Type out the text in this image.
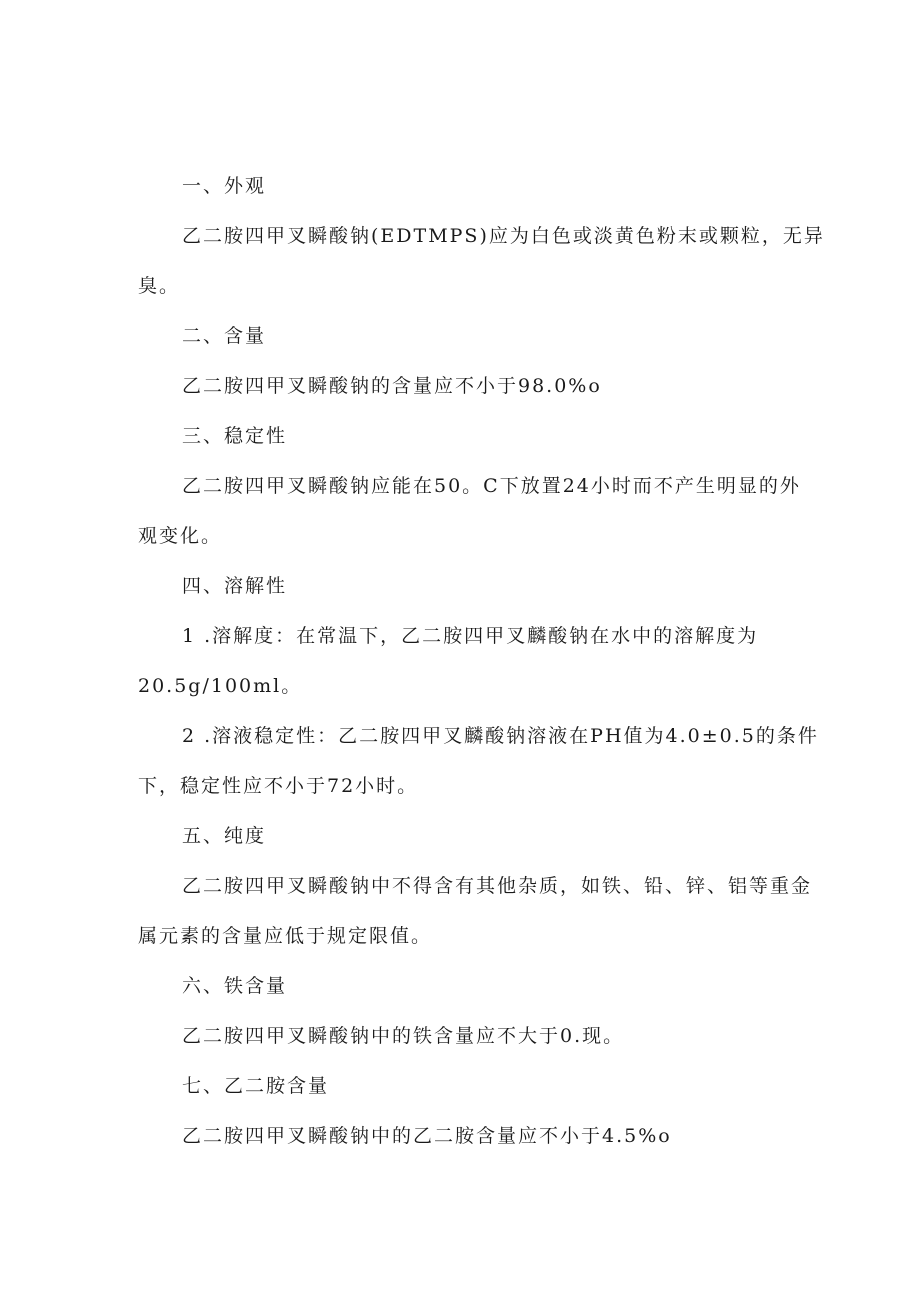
一、外观
乙二胺四甲叉瞬酸钠(EDTMPS)应为白色或淡黄色粉末或颗粒，无异
臭。
二、含量
乙二胺四甲叉瞬酸钠的含量应不小于98.0%o
三、稳定性
乙二胺四甲叉瞬酸钠应能在50。C下放置24小时而不产生明显的外
观变化。
四、溶解性
1 .溶解度：在常温下，乙二胺四甲叉麟酸钠在水中的溶解度为
20.5g∕100ml。
2 .溶液稳定性：乙二胺四甲叉麟酸钠溶液在PH值为4.0±0.5的条件
下，稳定性应不小于72小时。
五、纯度
乙二胺四甲叉瞬酸钠中不得含有其他杂质，如铁、铅、锌、铝等重金
属元素的含量应低于规定限值。
六、铁含量
乙二胺四甲叉瞬酸钠中的铁含量应不大于0.现。
七、乙二胺含量
乙二胺四甲叉瞬酸钠中的乙二胺含量应不小于4.5%o
